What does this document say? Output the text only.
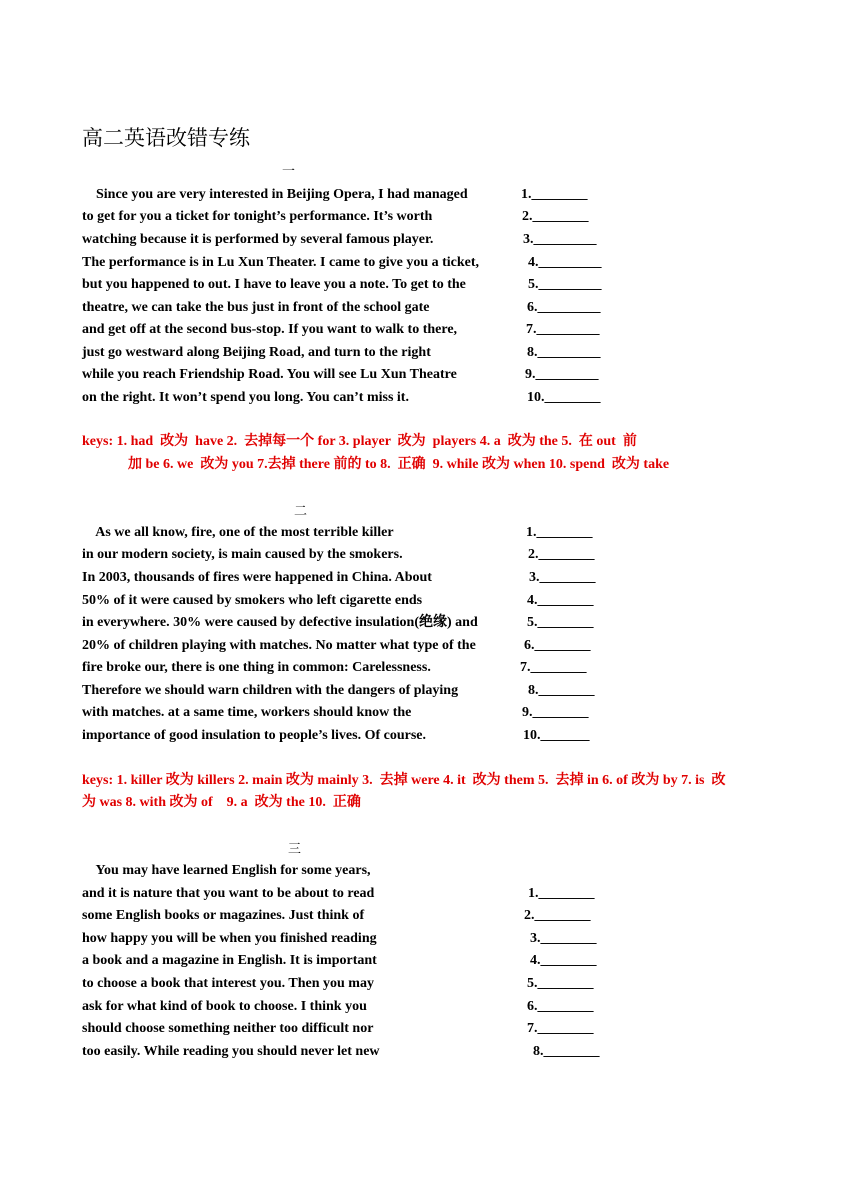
高二英语改错专练
一
Since you are very interested in Beijing Opera, I had managed
to get for you a ticket for tonight’s performance. It’s worth
watching because it is performed by several famous player.
The performance is in Lu Xun Theater. I came to give you a ticket,
but you happened to out. I have to leave you a note. To get to the
theatre, we can take the bus just in front of the school gate
and get off at the second bus-stop. If you want to walk to there,
just go westward along Beijing Road, and turn to the right
while you reach Friendship Road. You will see Lu Xun Theatre
on the right. It won’t spend you long. You can’t miss it.
1.________
2.________
3._________
4._________
5._________
6._________
7._________
8._________
9._________
10.________
keys: 1. had  改为  have 2.  去掉每一个 for 3. player  改为  players 4. a  改为 the 5.  在 out  前
加 be 6. we  改为 you 7.去掉 there 前的 to 8.  正确  9. while 改为 when 10. spend  改为 take
二
As we all know, fire, one of the most terrible killer
in our modern society, is main caused by the smokers.
In 2003, thousands of fires were happened in China. About
50% of it were caused by smokers who left cigarette ends
in everywhere. 30% were caused by defective insulation(绝缘) and
20% of children playing with matches. No matter what type of the
fire broke our, there is one thing in common: Carelessness.
Therefore we should warn children with the dangers of playing
with matches. at a same time, workers should know the
importance of good insulation to people’s lives. Of course.
1.________
2.________
3.________
4.________
5.________
6.________
7.________
8.________
9.________
10._______
keys: 1. killer 改为 killers 2. main 改为 mainly 3.  去掉 were 4. it  改为 them 5.  去掉 in 6. of 改为 by 7. is  改
为 was 8. with 改为 of    9. a  改为 the 10.  正确
三
You may have learned English for some years,
and it is nature that you want to be about to read
some English books or magazines. Just think of
how happy you will be when you finished reading
a book and a magazine in English. It is important
to choose a book that interest you. Then you may
ask for what kind of book to choose. I think you
should choose something neither too difficult nor
too easily. While reading you should never let new
1.________
2.________
3.________
4.________
5.________
6.________
7.________
8.________
